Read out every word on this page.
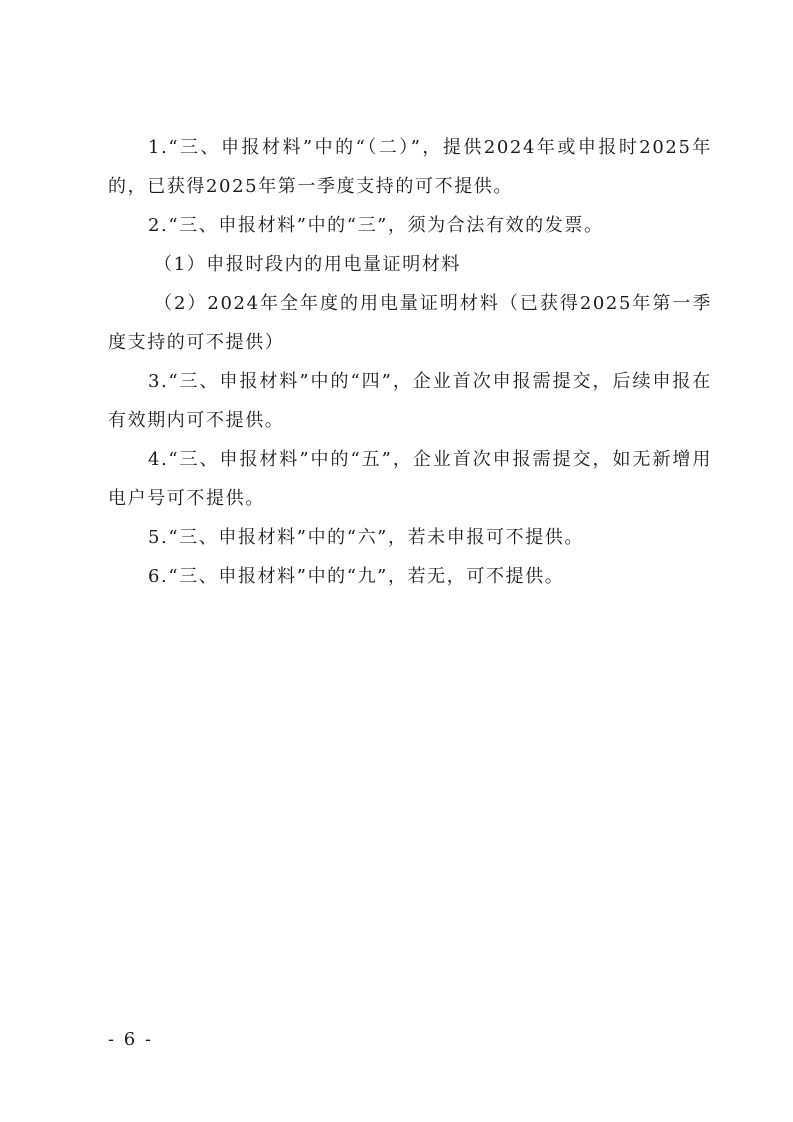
1.“三、申报材料”中的“（二）”，提供2024年或申报时2025年的，已获得2025年第一季度支持的可不提供。

2.“三、申报材料”中的“三”，须为合法有效的发票。

（1）申报时段内的用电量证明材料

（2）2024年全年度的用电量证明材料（已获得2025年第一季度支持的可不提供）

3.“三、申报材料”中的“四”，企业首次申报需提交，后续申报在有效期内可不提供。

4.“三、申报材料”中的“五”，企业首次申报需提交，如无新增用电户号可不提供。

5.“三、申报材料”中的“六”，若未申报可不提供。

6.“三、申报材料”中的“九”，若无，可不提供。

- 6 -
